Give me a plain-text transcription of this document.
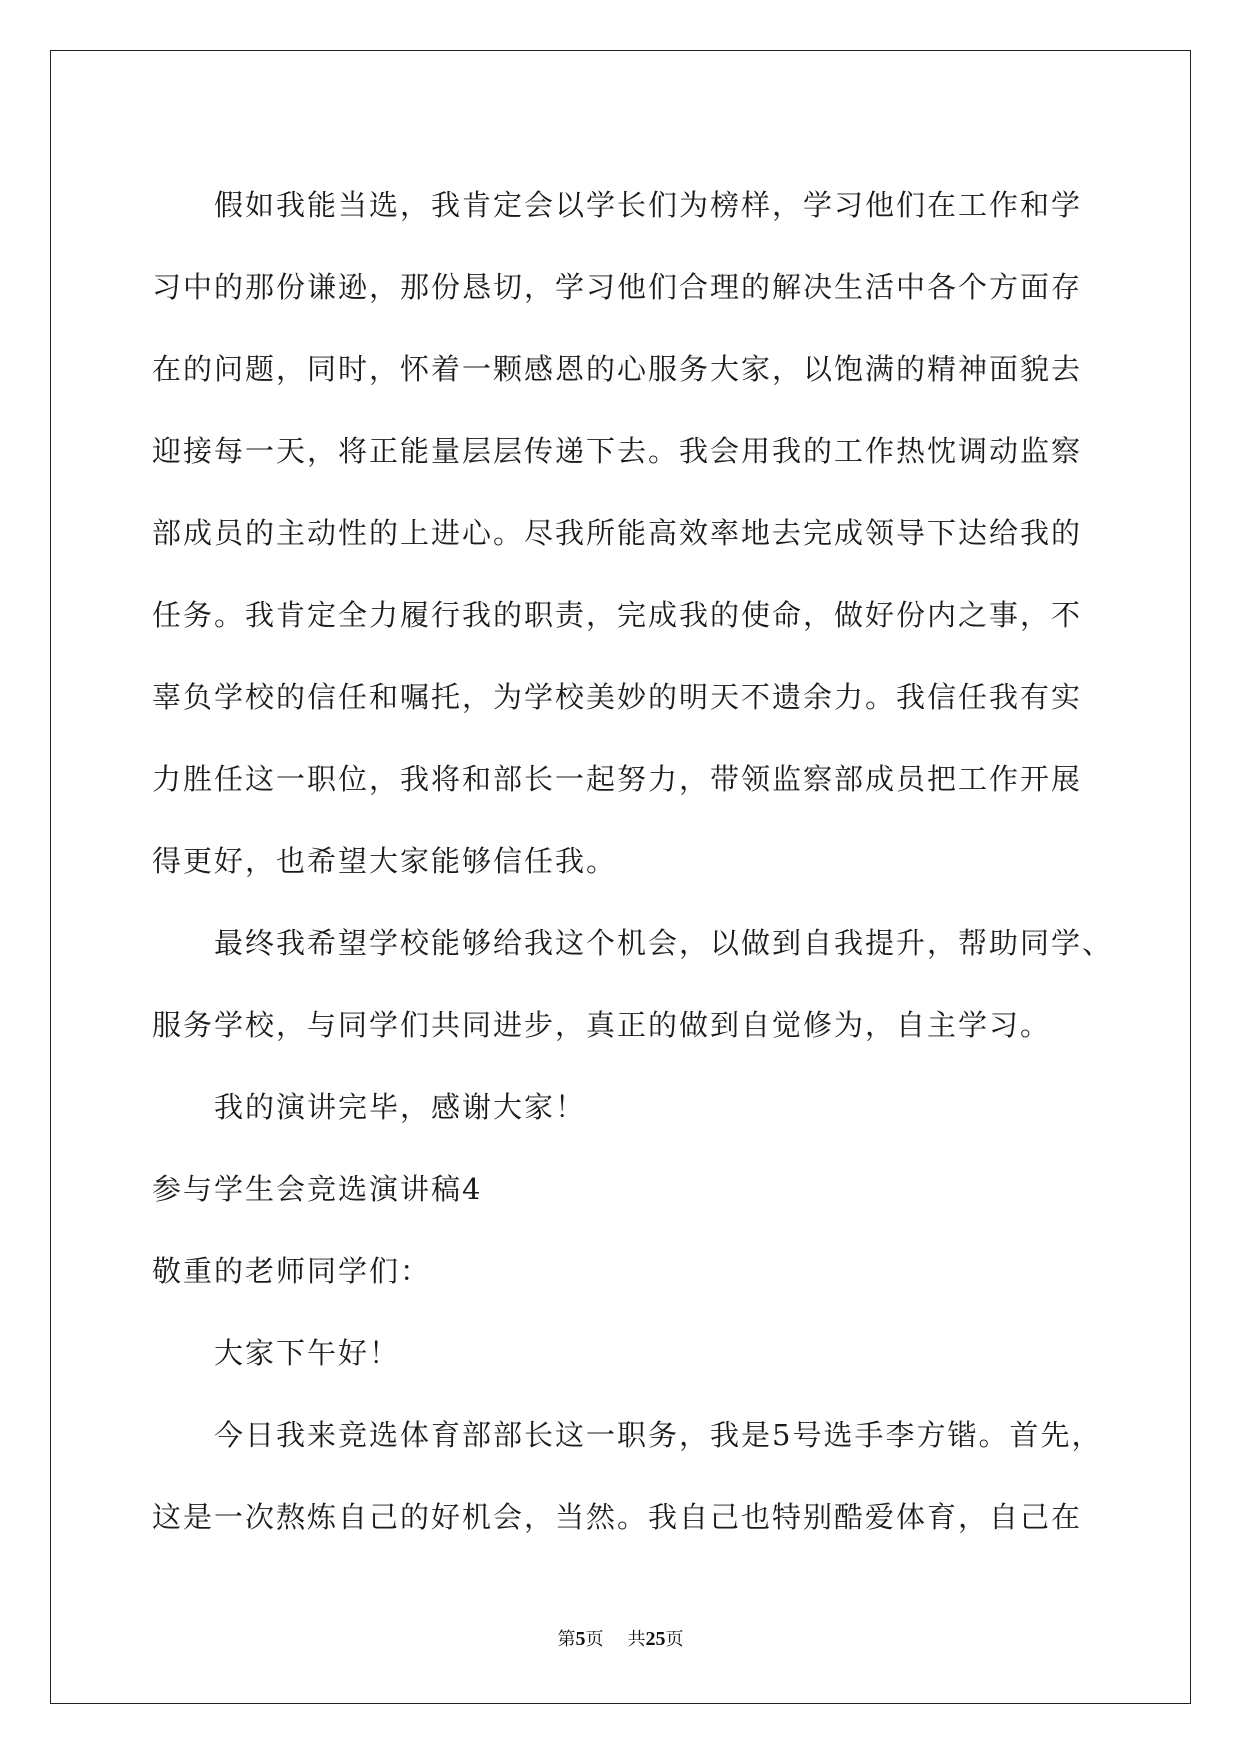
假如我能当选，我肯定会以学长们为榜样，学习他们在工作和学

习中的那份谦逊，那份恳切，学习他们合理的解决生活中各个方面存

在的问题，同时，怀着一颗感恩的心服务大家，以饱满的精神面貌去

迎接每一天，将正能量层层传递下去。我会用我的工作热忱调动监察

部成员的主动性的上进心。尽我所能高效率地去完成领导下达给我的

任务。我肯定全力履行我的职责，完成我的使命，做好份内之事，不

辜负学校的信任和嘱托，为学校美妙的明天不遗余力。我信任我有实

力胜任这一职位，我将和部长一起努力，带领监察部成员把工作开展

得更好，也希望大家能够信任我。

最终我希望学校能够给我这个机会，以做到自我提升，帮助同学、

服务学校，与同学们共同进步，真正的做到自觉修为，自主学习。

我的演讲完毕，感谢大家！

参与学生会竞选演讲稿4

敬重的老师同学们：

大家下午好！

今日我来竞选体育部部长这一职务，我是5号选手李方锴。首先，

这是一次熬炼自己的好机会，当然。我自己也特别酷爱体育，自己在

第5页 共25页
